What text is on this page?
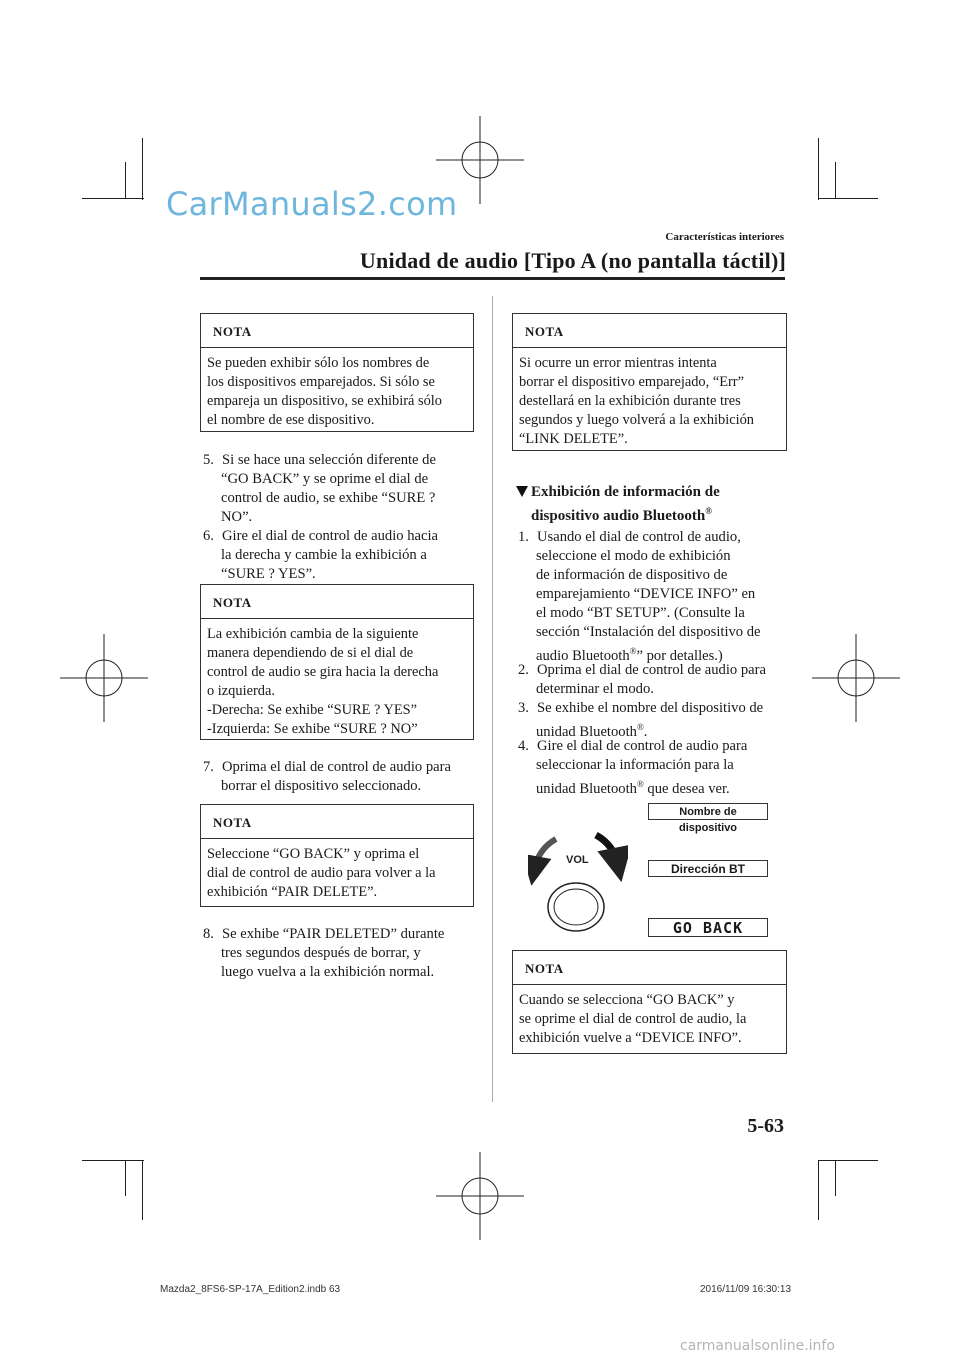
CarManuals2.com
Características interiores
Unidad de audio [Tipo A (no pantalla táctil)]
NOTA
Se pueden exhibir sólo los nombres de
los dispositivos emparejados. Si sólo se
empareja un dispositivo, se exhibirá sólo
el nombre de ese dispositivo.
5. Si se hace una selección diferente de
“GO BACK” y se oprime el dial de
control de audio, se exhibe “SURE ?
NO”.
6. Gire el dial de control de audio hacia
la derecha y cambie la exhibición a
“SURE ? YES”.
NOTA
La exhibición cambia de la siguiente
manera dependiendo de si el dial de
control de audio se gira hacia la derecha
o izquierda.
-Derecha: Se exhibe “SURE ? YES”
-Izquierda: Se exhibe “SURE ? NO”
7. Oprima el dial de control de audio para
borrar el dispositivo seleccionado.
NOTA
Seleccione “GO BACK” y oprima el
dial de control de audio para volver a la
exhibición “PAIR DELETE”.
8. Se exhibe “PAIR DELETED” durante
tres segundos después de borrar, y
luego vuelva a la exhibición normal.
NOTA
Si ocurre un error mientras intenta
borrar el dispositivo emparejado, “Err”
destellará en la exhibición durante tres
segundos y luego volverá a la exhibición
“LINK DELETE”.
Exhibición de información de
dispositivo audio Bluetooth®
1. Usando el dial de control de audio,
seleccione el modo de exhibición
de información de dispositivo de
emparejamiento “DEVICE INFO” en
el modo “BT SETUP”. (Consulte la
sección “Instalación del dispositivo de
audio Bluetooth®” por detalles.)
2. Oprima el dial de control de audio para
determinar el modo.
3. Se exhibe el nombre del dispositivo de
unidad Bluetooth®.
4. Gire el dial de control de audio para
seleccionar la información para la
unidad Bluetooth® que desea ver.
VOL
Nombre de dispositivo
Dirección BT
GO BACK
NOTA
Cuando se selecciona “GO BACK” y
se oprime el dial de control de audio, la
exhibición vuelve a “DEVICE INFO”.
5-63
Mazda2_8FS6-SP-17A_Edition2.indb 63	2016/11/09 16:30:13
carmanualsonline.info
